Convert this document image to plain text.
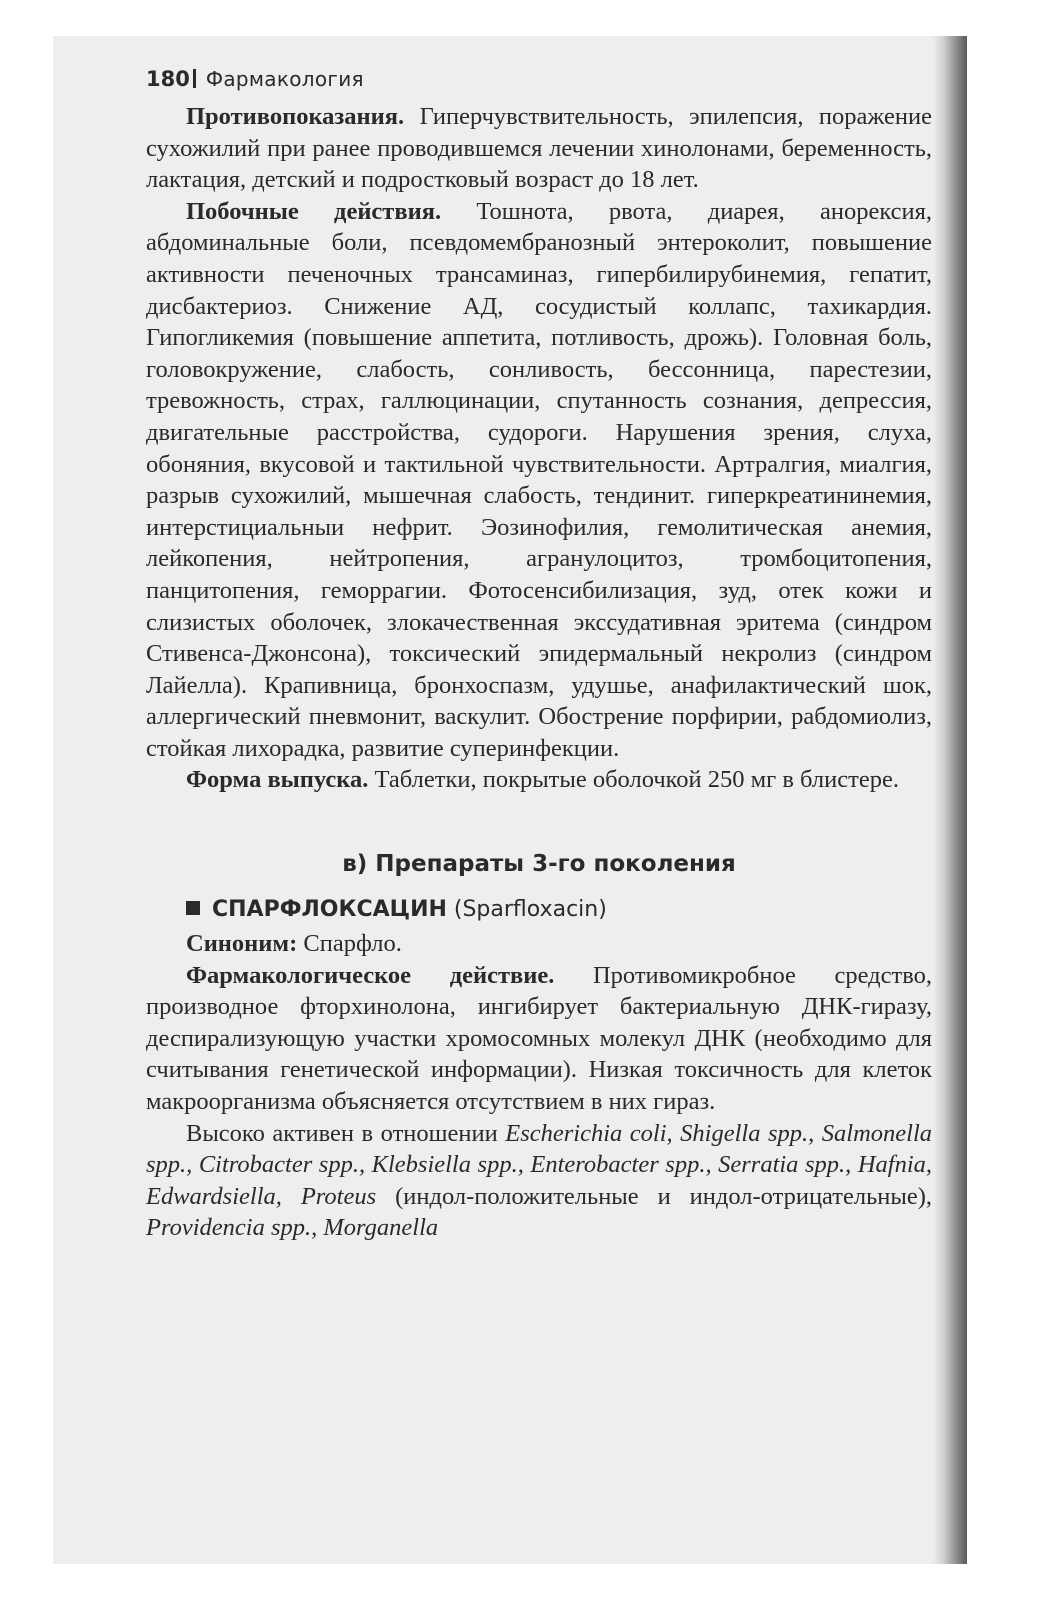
180 Фармакология

Противопоказания. Гиперчувствительность, эпилепсия, поражение сухожилий при ранее проводившемся лечении хинолонами, беременность, лактация, детский и подростковый возраст до 18 лет.

Побочные действия. Тошнота, рвота, диарея, анорексия, абдоминальные боли, псевдомембранозный энтероколит, повышение активности печеночных трансаминаз, гипербилирубинемия, гепатит, дисбактериоз. Снижение АД, сосудистый коллапс, тахикардия. Гипогликемия (повышение аппетита, потливость, дрожь). Головная боль, головокружение, слабость, сонливость, бессонница, парестезии, тревожность, страх, галлюцинации, спутанность сознания, депрессия, двигательные расстройства, судороги. Нарушения зрения, слуха, обоняния, вкусовой и тактильной чувствительности. Артралгия, миалгия, разрыв сухожилий, мышечная слабость, тендинит. гиперкреатининемия, интерстициальныи нефрит. Эозинофилия, гемолитическая анемия, лейкопения, нейтропения, агранулоцитоз, тромбоцитопения, панцитопения, геморрагии. Фотосенсибилизация, зуд, отек кожи и слизистых оболочек, злокачественная экссудативная эритема (синдром Стивенса-Джонсона), токсический эпидермальный некролиз (синдром Лайелла). Крапивница, бронхоспазм, удушье, анафилактический шок, аллергический пневмонит, васкулит. Обострение порфирии, рабдомиолиз, стойкая лихорадка, развитие суперинфекции.

Форма выпуска. Таблетки, покрытые оболочкой 250 мг в блистере.

в) Препараты 3-го поколения
СПАРФЛОКСАЦИН (Sparfloxacin)

Синоним: Спарфло.

Фармакологическое действие. Противомикробное средство, производное фторхинолона, ингибирует бактериальную ДНК-гиразу, деспирализующую участки хромосомных молекул ДНК (необходимо для считывания генетической информации). Низкая токсичность для клеток макроорганизма объясняется отсутствием в них гираз.

Высоко активен в отношении Escherichia coli, Shigella spp., Salmonella spp., Citrobacter spp., Klebsiella spp., Enterobacter spp., Serratia spp., Hafnia, Edwardsiella, Proteus (индол-положительные и индол-отрицательные), Providencia spp., Morganella
